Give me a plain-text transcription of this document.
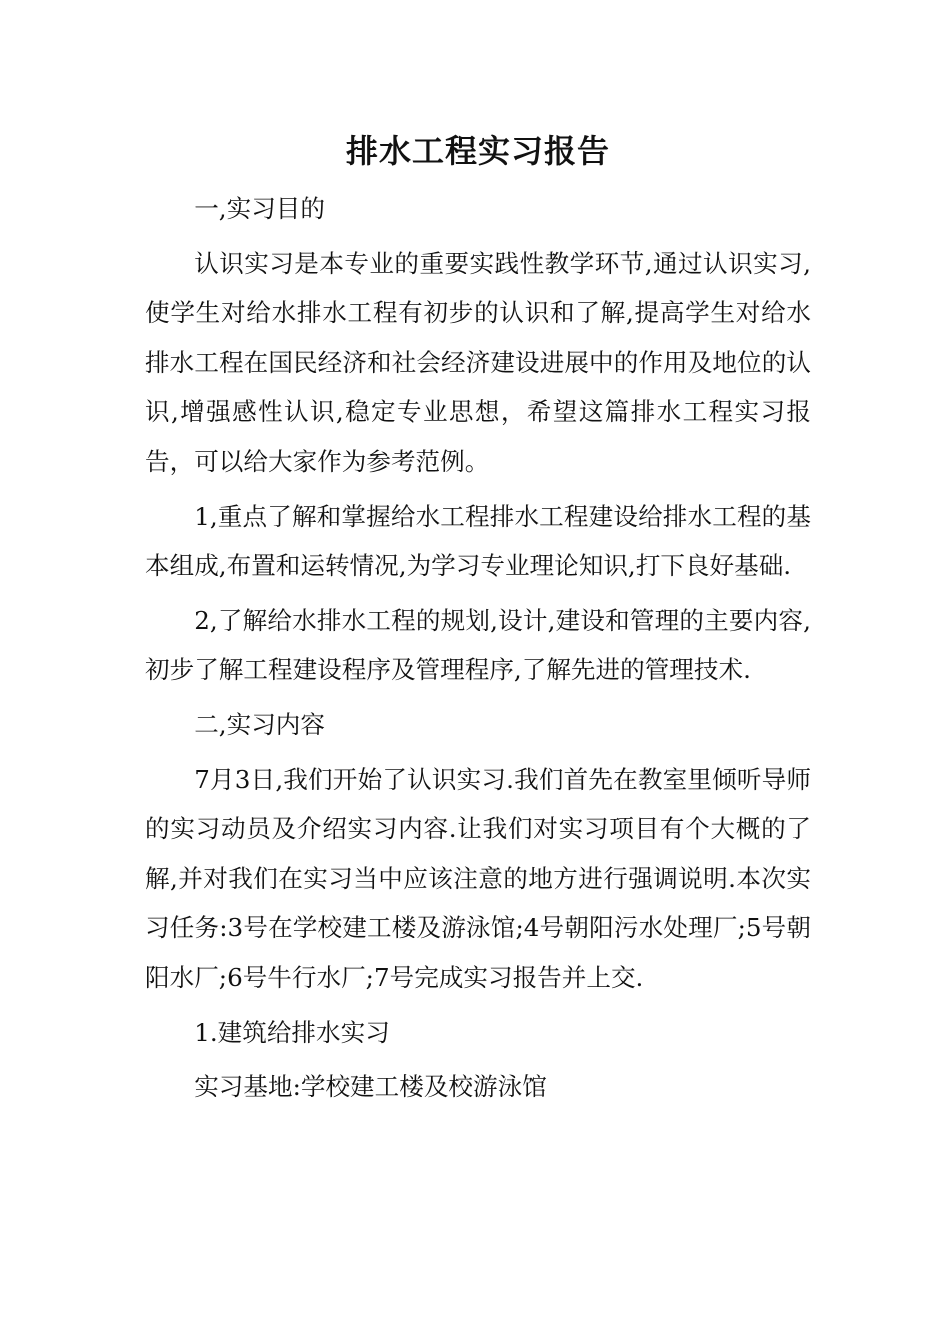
排水工程实习报告

一,实习目的

认识实习是本专业的重要实践性教学环节,通过认识实习,使学生对给水排水工程有初步的认识和了解,提高学生对给水排水工程在国民经济和社会经济建设进展中的作用及地位的认识,增强感性认识,稳定专业思想，希望这篇排水工程实习报告，可以给大家作为参考范例。

1,重点了解和掌握给水工程排水工程建设给排水工程的基本组成,布置和运转情况,为学习专业理论知识,打下良好基础.

2,了解给水排水工程的规划,设计,建设和管理的主要内容,初步了解工程建设程序及管理程序,了解先进的管理技术.

二,实习内容

7月3日,我们开始了认识实习.我们首先在教室里倾听导师的实习动员及介绍实习内容.让我们对实习项目有个大概的了解,并对我们在实习当中应该注意的地方进行强调说明.本次实习任务:3号在学校建工楼及游泳馆;4号朝阳污水处理厂;5号朝阳水厂;6号牛行水厂;7号完成实习报告并上交.

1.建筑给排水实习

实习基地:学校建工楼及校游泳馆
